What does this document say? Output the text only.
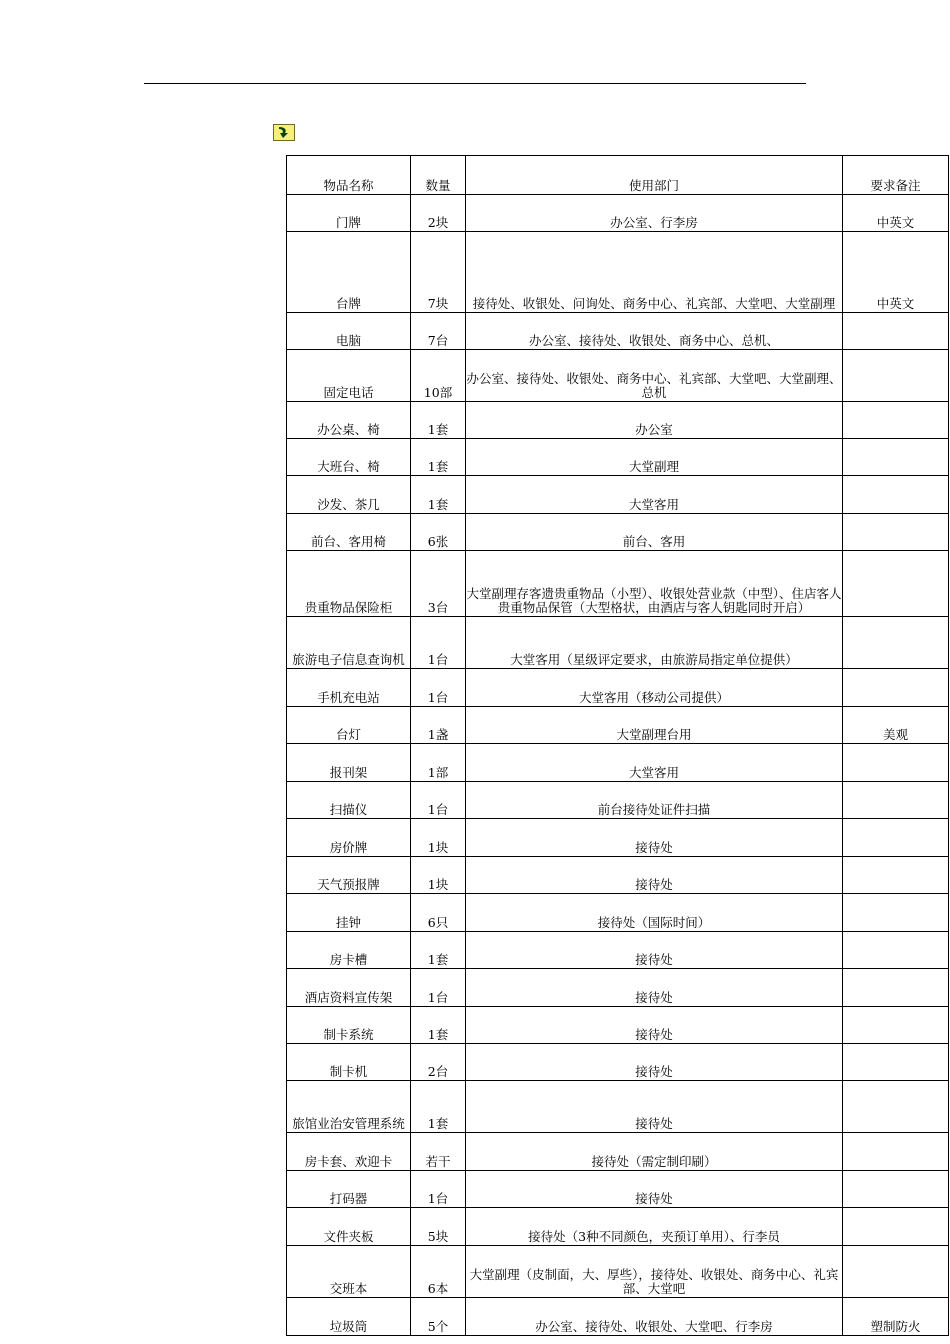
物品名称	数量	使用部门	要求备注
门牌	2块	办公室、行李房	中英文
台牌	7块	接待处、收银处、问询处、商务中心、礼宾部、大堂吧、大堂副理	中英文
电脑	7台	办公室、接待处、收银处、商务中心、总机、	
固定电话	10部	办公室、接待处、收银处、商务中心、礼宾部、大堂吧、大堂副理、总机	
办公桌、椅	1套	办公室	
大班台、椅	1套	大堂副理	
沙发、茶几	1套	大堂客用	
前台、客用椅	6张	前台、客用	
贵重物品保险柜	3台	大堂副理存客遗贵重物品（小型）、收银处营业款（中型）、住店客人贵重物品保管（大型格状，由酒店与客人钥匙同时开启）	
旅游电子信息查询机	1台	大堂客用（星级评定要求，由旅游局指定单位提供）	
手机充电站	1台	大堂客用（移动公司提供）	
台灯	1盏	大堂副理台用	美观
报刊架	1部	大堂客用	
扫描仪	1台	前台接待处证件扫描	
房价牌	1块	接待处	
天气预报牌	1块	接待处	
挂钟	6只	接待处（国际时间）	
房卡槽	1套	接待处	
酒店资料宣传架	1台	接待处	
制卡系统	1套	接待处	
制卡机	2台	接待处	
旅馆业治安管理系统	1套	接待处	
房卡套、欢迎卡	若干	接待处（需定制印刷）	
打码器	1台	接待处	
文件夹板	5块	接待处（3种不同颜色，夹预订单用）、行李员	
交班本	6本	大堂副理（皮制面，大、厚些），接待处、收银处、商务中心、礼宾部、大堂吧	
垃圾筒	5个	办公室、接待处、收银处、大堂吧、行李房	塑制防火
